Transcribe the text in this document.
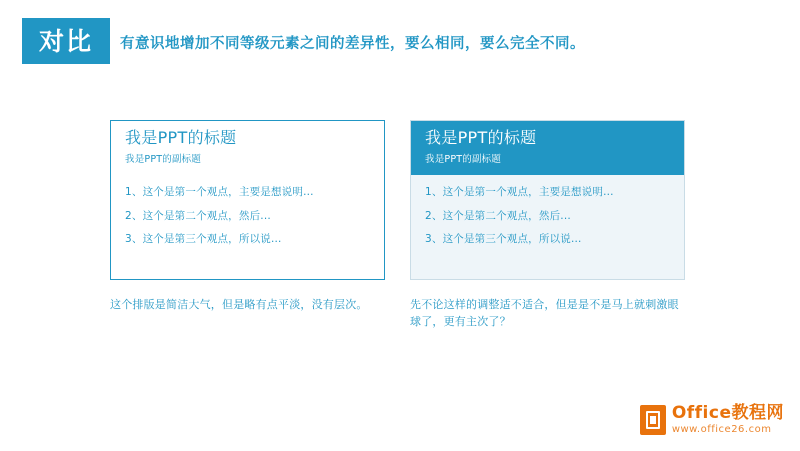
对比	有意识地增加不同等级元素之间的差异性，要么相同，要么完全不同。
我是PPT的标题
我是PPT的副标题
1、这个是第一个观点，主要是想说明...
2、这个是第二个观点，然后...
3、这个是第三个观点，所以说...
我是PPT的标题
我是PPT的副标题
1、这个是第一个观点，主要是想说明...
2、这个是第二个观点，然后...
3、这个是第三个观点，所以说...
这个排版是简洁大气，但是略有点平淡，没有层次。	先不论这样的调整适不适合，但是是不是马上就刺激眼球了，更有主次了？
Office教程网
www.office26.com
